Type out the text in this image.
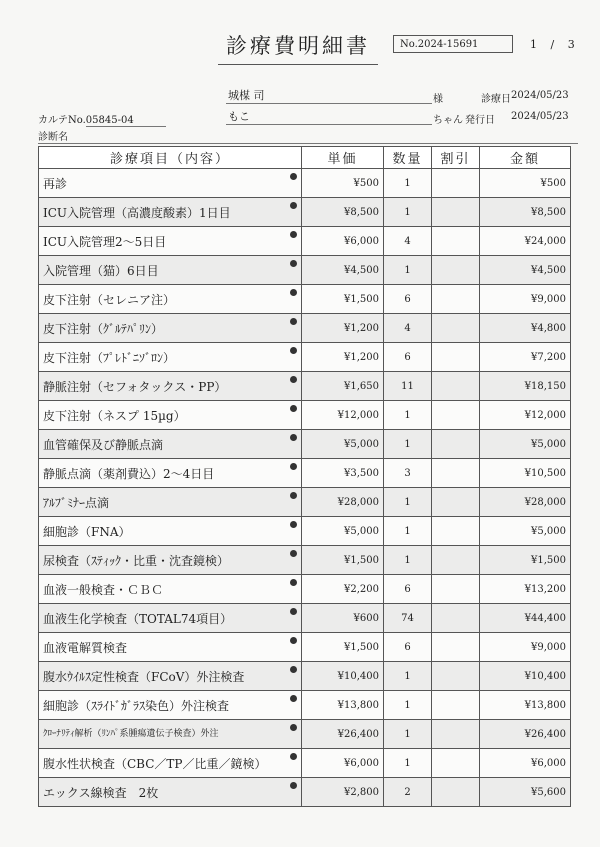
診療費明細書	No.2024-15691	1 / 3
城楳 司	様	診療日 2024/05/23
カルテNo.05845-04	もこ	ちゃん 発行日 2024/05/23
診断名
診療項目（内容）	単価	数量	割引	金額

再診	¥500	1		¥500

ICU入院管理（高濃度酸素）1日目	¥8,500	1		¥8,500

ICU入院管理2〜5日目	¥6,000	4		¥24,000

入院管理（猫）6日目	¥4,500	1		¥4,500

皮下注射（セレニア注）	¥1,500	6		¥9,000

皮下注射（ｸﾞﾙﾃﾊﾟﾘﾝ）	¥1,200	4		¥4,800

皮下注射（ﾌﾟﾚﾄﾞﾆｿﾞﾛﾝ）	¥1,200	6		¥7,200

静脈注射（セフォタックス・PP）	¥1,650	11		¥18,150

皮下注射（ネスプ 15µg）	¥12,000	1		¥12,000

血管確保及び静脈点滴	¥5,000	1		¥5,000

静脈点滴（薬剤費込）2〜4日目	¥3,500	3		¥10,500

ｱﾙﾌﾞﾐﾅｰ点滴	¥28,000	1		¥28,000

細胞診（FNA）	¥5,000	1		¥5,000

尿検査（ｽﾃｨｯｸ・比重・沈査鏡検）	¥1,500	1		¥1,500

血液一般検査・ＣＢＣ	¥2,200	6		¥13,200

血液生化学検査（TOTAL74項目）	¥600	74		¥44,400

血液電解質検査	¥1,500	6		¥9,000

腹水ｳｲﾙｽ定性検査（FCoV）外注検査	¥10,400	1		¥10,400

細胞診（ｽﾗｲﾄﾞｶﾞﾗｽ染色）外注検査	¥13,800	1		¥13,800

ｸﾛｰﾅﾘﾃｨ解析（ﾘﾝﾊﾟ系腫瘍遺伝子検査）外注	¥26,400	1		¥26,400

腹水性状検査（CBC／TP／比重／鏡検）	¥6,000	1		¥6,000

エックス線検査　2枚	¥2,800	2		¥5,600
